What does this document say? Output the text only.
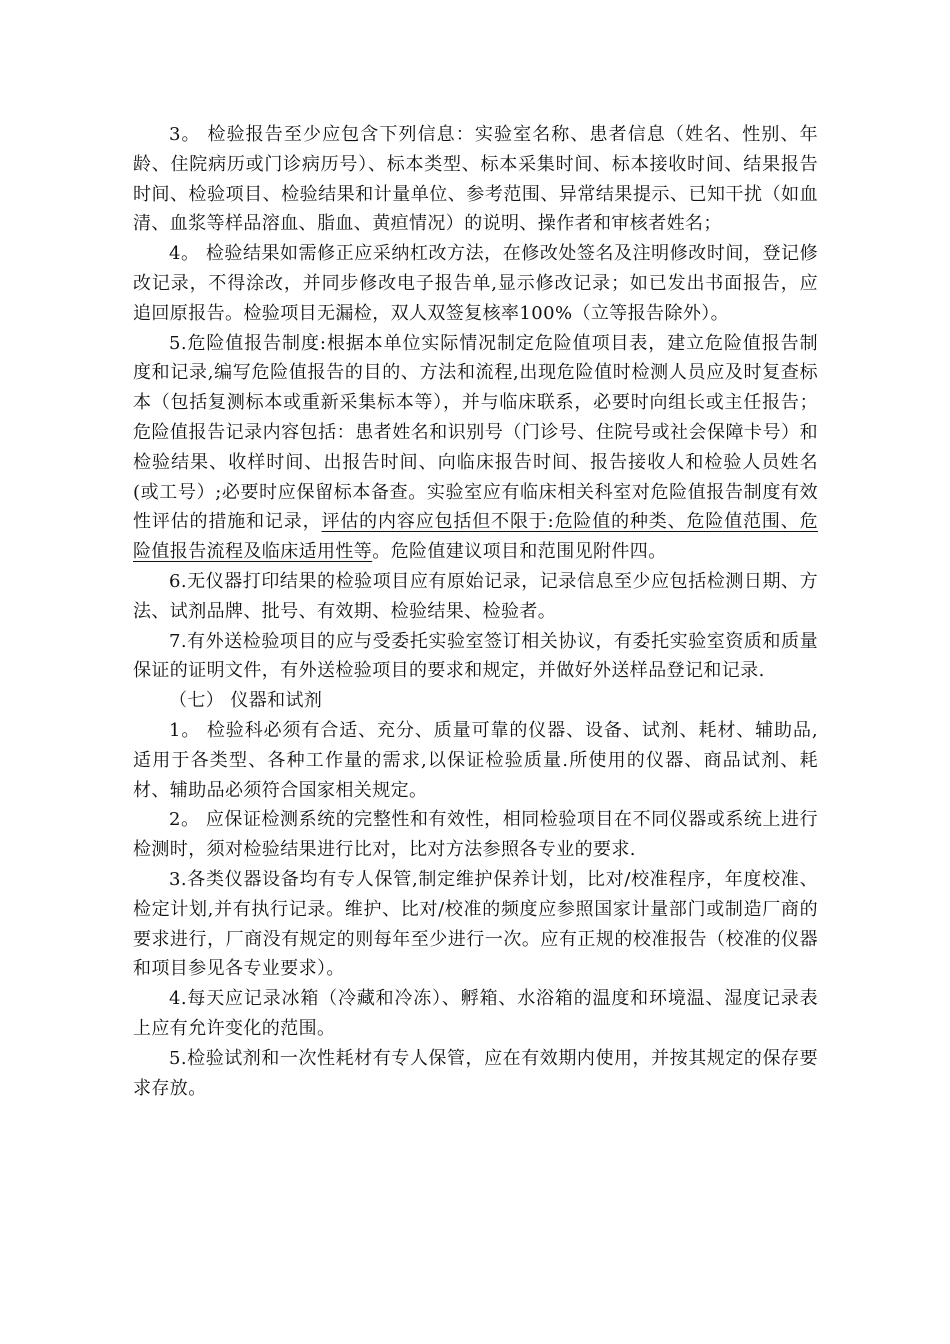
3。 检验报告至少应包含下列信息：实验室名称、患者信息（姓名、性别、年龄、住院病历或门诊病历号）、标本类型、标本采集时间、标本接收时间、结果报告时间、检验项目、检验结果和计量单位、参考范围、异常结果提示、已知干扰（如血清、血浆等样品溶血、脂血、黄疸情况）的说明、操作者和审核者姓名；

4。 检验结果如需修正应采纳杠改方法，在修改处签名及注明修改时间，登记修改记录，不得涂改，并同步修改电子报告单,显示修改记录；如已发出书面报告，应追回原报告。检验项目无漏检，双人双签复核率100%（立等报告除外）。

5.危险值报告制度:根据本单位实际情况制定危险值项目表，建立危险值报告制度和记录,编写危险值报告的目的、方法和流程,出现危险值时检测人员应及时复查标本（包括复测标本或重新采集标本等），并与临床联系，必要时向组长或主任报告；危险值报告记录内容包括：患者姓名和识别号（门诊号、住院号或社会保障卡号）和检验结果、收样时间、出报告时间、向临床报告时间、报告接收人和检验人员姓名(或工号）;必要时应保留标本备查。实验室应有临床相关科室对危险值报告制度有效性评估的措施和记录，评估的内容应包括但不限于:危险值的种类、危险值范围、危险值报告流程及临床适用性等。危险值建议项目和范围见附件四。

6.无仪器打印结果的检验项目应有原始记录，记录信息至少应包括检测日期、方法、试剂品牌、批号、有效期、检验结果、检验者。

7.有外送检验项目的应与受委托实验室签订相关协议，有委托实验室资质和质量保证的证明文件，有外送检验项目的要求和规定，并做好外送样品登记和记录.

（七） 仪器和试剂

1。 检验科必须有合适、充分、质量可靠的仪器、设备、试剂、耗材、辅助品,适用于各类型、各种工作量的需求,以保证检验质量.所使用的仪器、商品试剂、耗材、辅助品必须符合国家相关规定。

2。 应保证检测系统的完整性和有效性，相同检验项目在不同仪器或系统上进行检测时，须对检验结果进行比对，比对方法参照各专业的要求.

3.各类仪器设备均有专人保管,制定维护保养计划，比对/校准程序，年度校准、检定计划,并有执行记录。维护、比对/校准的频度应参照国家计量部门或制造厂商的要求进行，厂商没有规定的则每年至少进行一次。应有正规的校准报告（校准的仪器和项目参见各专业要求）。

4.每天应记录冰箱（冷藏和冷冻）、孵箱、水浴箱的温度和环境温、湿度记录表上应有允许变化的范围。

5.检验试剂和一次性耗材有专人保管，应在有效期内使用，并按其规定的保存要求存放。
